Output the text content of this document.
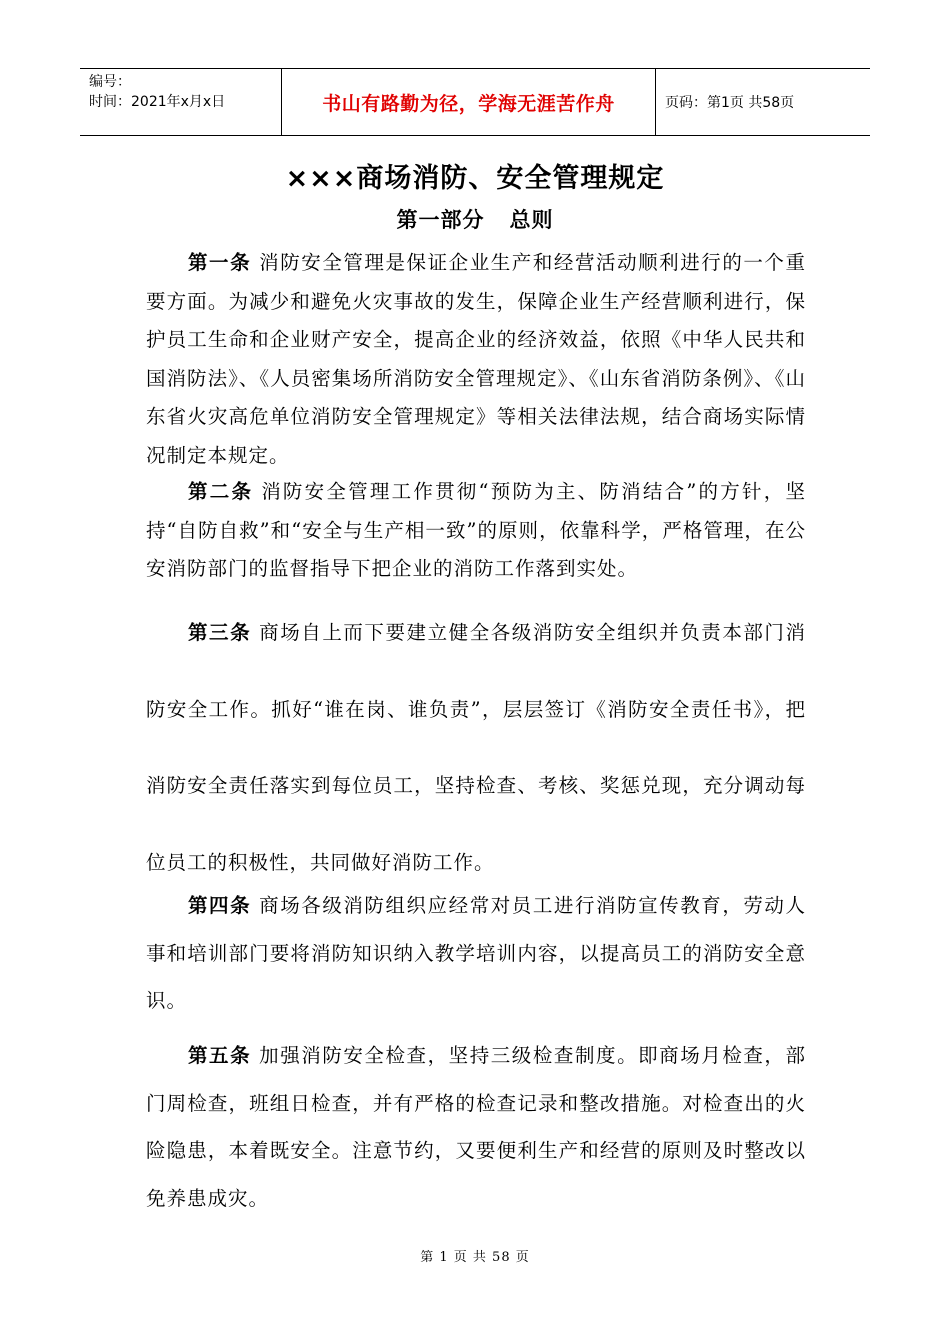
编号：
时间：2021年x月x日	书山有路勤为径，学海无涯苦作舟	页码：第1页 共58页
×××商场消防、安全管理规定
第一部分   总则

第一条 消防安全管理是保证企业生产和经营活动顺利进行的一个重要方面。为减少和避免火灾事故的发生，保障企业生产经营顺利进行，保护员工生命和企业财产安全，提高企业的经济效益，依照《中华人民共和国消防法》、《人员密集场所消防安全管理规定》、《山东省消防条例》、《山东省火灾高危单位消防安全管理规定》等相关法律法规，结合商场实际情况制定本规定。

第二条 消防安全管理工作贯彻“预防为主、防消结合”的方针，坚持“自防自救”和“安全与生产相一致”的原则，依靠科学，严格管理，在公安消防部门的监督指导下把企业的消防工作落到实处。

第三条 商场自上而下要建立健全各级消防安全组织并负责本部门消防安全工作。抓好“谁在岗、谁负责”，层层签订《消防安全责任书》，把消防安全责任落实到每位员工，坚持检查、考核、奖惩兑现，充分调动每位员工的积极性，共同做好消防工作。

第四条 商场各级消防组织应经常对员工进行消防宣传教育，劳动人事和培训部门要将消防知识纳入教学培训内容，以提高员工的消防安全意识。

第五条 加强消防安全检查，坚持三级检查制度。即商场月检查，部门周检查，班组日检查，并有严格的检查记录和整改措施。对检查出的火险隐患，本着既安全。注意节约，又要便利生产和经营的原则及时整改以免养患成灾。

第 1 页 共 58 页
